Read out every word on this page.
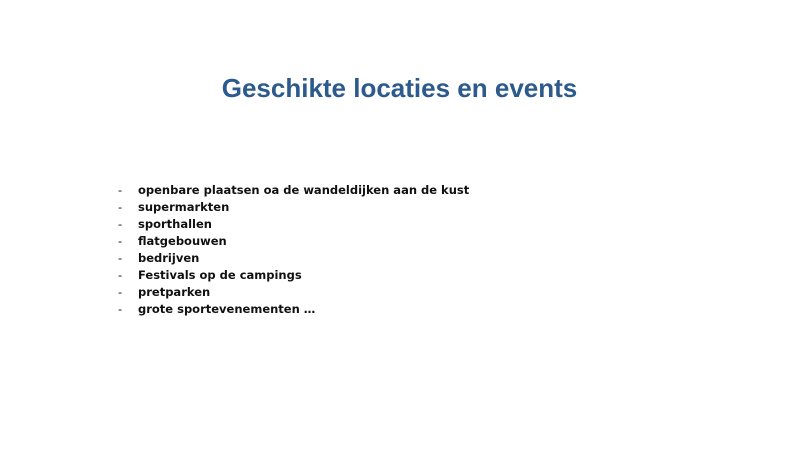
Geschikte locaties en events
-	openbare plaatsen oa de wandeldijken aan de kust
-	supermarkten
-	sporthallen
-	flatgebouwen
-	bedrijven
-	Festivals op de campings
-	pretparken
-	grote sportevenementen …
